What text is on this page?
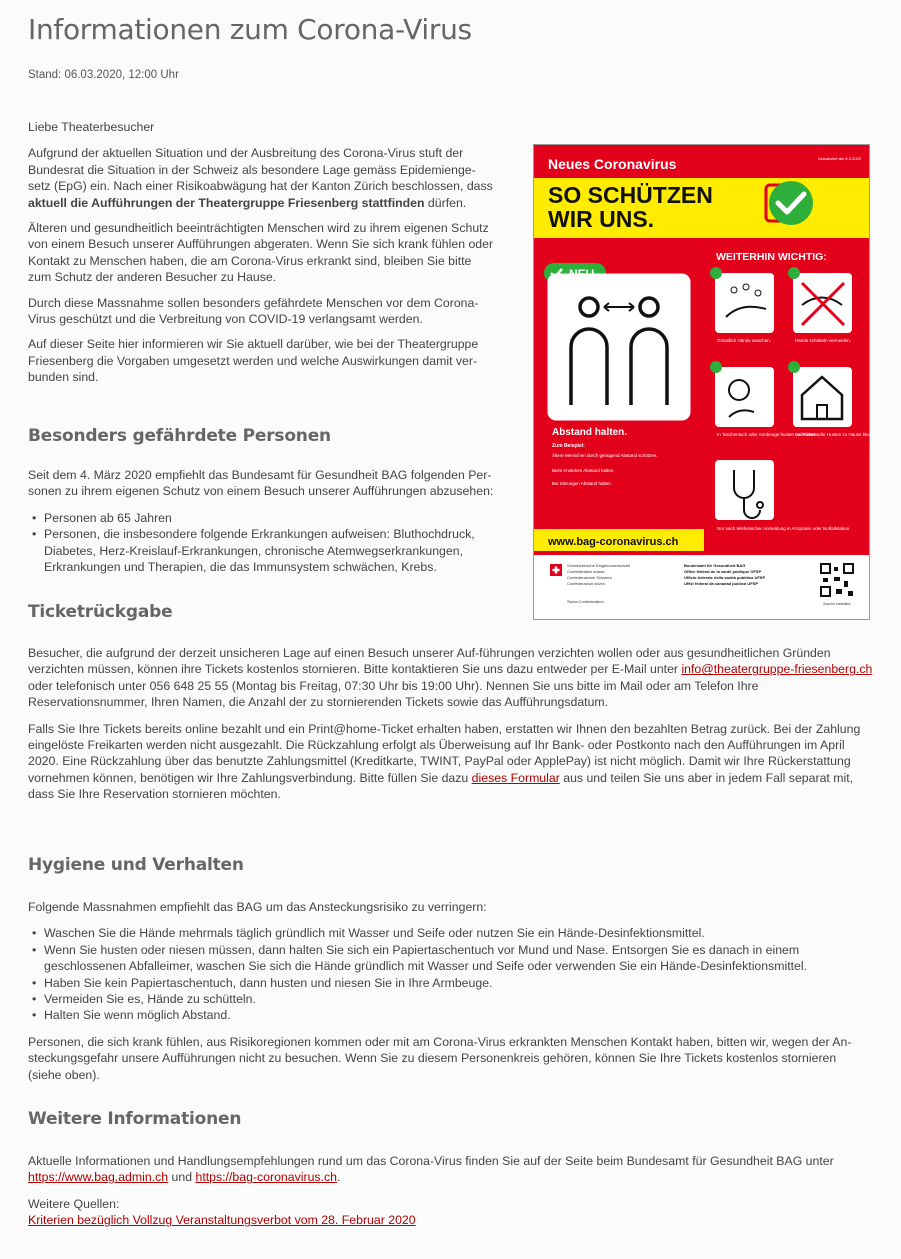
Informationen zum Corona-Virus
Stand: 06.03.2020, 12:00 Uhr

Liebe Theaterbesucher

Aufgrund der aktuellen Situation und der Ausbreitung des Corona-Virus stuft der Bundesrat die Situation in der Schweiz als besondere Lage gemäss Epidemienge-setz (EpG) ein. Nach einer Risikoabwägung hat der Kanton Zürich beschlossen, dass aktuell die Aufführungen der Theatergruppe Friesenberg stattfinden dürfen.

Älteren und gesundheitlich beeinträchtigten Menschen wird zu ihrem eigenen Schutz von einem Besuch unserer Aufführungen abgeraten. Wenn Sie sich krank fühlen oder Kontakt zu Menschen haben, die am Corona-Virus erkrankt sind, bleiben Sie bitte zum Schutz der anderen Besucher zu Hause.

Durch diese Massnahme sollen besonders gefährdete Menschen vor dem Corona-Virus geschützt und die Verbreitung von COVID-19 verlangsamt werden.

Auf dieser Seite hier informieren wir Sie aktuell darüber, wie bei der Theatergruppe Friesenberg die Vorgaben umgesetzt werden und welche Auswirkungen damit ver-bunden sind.

Besonders gefährdete Personen

Seit dem 4. März 2020 empfiehlt das Bundesamt für Gesundheit BAG folgenden Per-sonen zu ihrem eigenen Schutz von einem Besuch unserer Aufführungen abzusehen:

• Personen ab 65 Jahren
• Personen, die insbesondere folgende Erkrankungen aufweisen: Bluthochdruck, Diabetes, Herz-Kreislauf-Erkrankungen, chronische Atemwegserkrankungen, Erkrankungen und Therapien, die das Immunsystem schwächen, Krebs.
Ticketrückgabe

Besucher, die aufgrund der derzeit unsicheren Lage auf einen Besuch unserer Auf-führungen verzichten wollen oder aus gesundheitlichen Gründen verzichten müssen, können ihre Tickets kostenlos stornieren. Bitte kontaktieren Sie uns dazu entweder per E-Mail unter info@theatergruppe-friesenberg.ch oder telefonisch unter 056 648 25 55 (Montag bis Freitag, 07:30 Uhr bis 19:00 Uhr). Nennen Sie uns bitte im Mail oder am Telefon Ihre Reservationsnummer, Ihren Namen, die Anzahl der zu stornierenden Tickets sowie das Aufführungsdatum.

Falls Sie Ihre Tickets bereits online bezahlt und ein Print@home-Ticket erhalten haben, erstatten wir Ihnen den bezahlten Betrag zurück. Bei der Zahlung eingelöste Freikarten werden nicht ausgezahlt. Die Rückzahlung erfolgt als Überweisung auf Ihr Bank- oder Postkonto nach den Aufführungen im April 2020. Eine Rückzahlung über das benutzte Zahlungsmittel (Kreditkarte, TWINT, PayPal oder ApplePay) ist nicht möglich. Damit wir Ihre Rückerstattung vornehmen können, benötigen wir Ihre Zahlungsverbindung. Bitte füllen Sie dazu dieses Formular aus und teilen Sie uns aber in jedem Fall separat mit, dass Sie Ihre Reservation stornieren möchten.

Hygiene und Verhalten

Folgende Massnahmen empfiehlt das BAG um das Ansteckungsrisiko zu verringern:

• Waschen Sie die Hände mehrmals täglich gründlich mit Wasser und Seife oder nutzen Sie ein Hände-Desinfektionsmittel.
• Wenn Sie husten oder niesen müssen, dann halten Sie sich ein Papiertaschentuch vor Mund und Nase. Entsorgen Sie es danach in einem geschlossenen Abfalleimer, waschen Sie sich die Hände gründlich mit Wasser und Seife oder verwenden Sie ein Hände-Desinfektionsmittel.
• Haben Sie kein Papiertaschentuch, dann husten und niesen Sie in Ihre Armbeuge.
• Vermeiden Sie es, Hände zu schütteln.
• Halten Sie wenn möglich Abstand.

Personen, die sich krank fühlen, aus Risikoregionen kommen oder mit am Corona-Virus erkrankten Menschen Kontakt haben, bitten wir, wegen der An-steckungsgefahr unsere Aufführungen nicht zu besuchen. Wenn Sie zu diesem Personenkreis gehören, können Sie Ihre Tickets kostenlos stornieren (siehe oben).

Weitere Informationen

Aktuelle Informationen und Handlungsempfehlungen rund um das Corona-Virus finden Sie auf der Seite beim Bundesamt für Gesundheit BAG unter https://www.bag.admin.ch und https://bag-coronavirus.ch.

Weitere Quellen:

Kriterien bezüglich Vollzug Veranstaltungsverbot vom 28. Februar 2020

Neues Coronavirus	Aktualisiert am 5.3.2020
SO SCHÜTZEN
WIR UNS.
WEITERHIN WICHTIG:
Abstand halten.
Zum Beispiel:
Ältere Menschen durch genügend Abstand schützen.
Beim Anstehen Abstand halten.
Bei Sitzungen Abstand halten.
Gründlich Hände waschen.	Hände schütteln vermeiden.
In Taschentuch oder Armbeuge husten und niesen.
Bei Fieber oder Husten zu Hause bleiben.
Nur nach telefonischer Anmeldung in Arztpraxis oder Notfallstation.
www.bag-coronavirus.ch
Schweizerische Eidgenossenschaft
Confédération suisse
Confederazione Svizzera
Confederaziun svizra
Swiss Confederation
Bundesamt für Gesundheit BAG
Office fédéral de la santé publique OFSP
Ufficio federale della sanità pubblica UFSP
Uffizi federal da sanadad publica UFSP
Scan for translation
